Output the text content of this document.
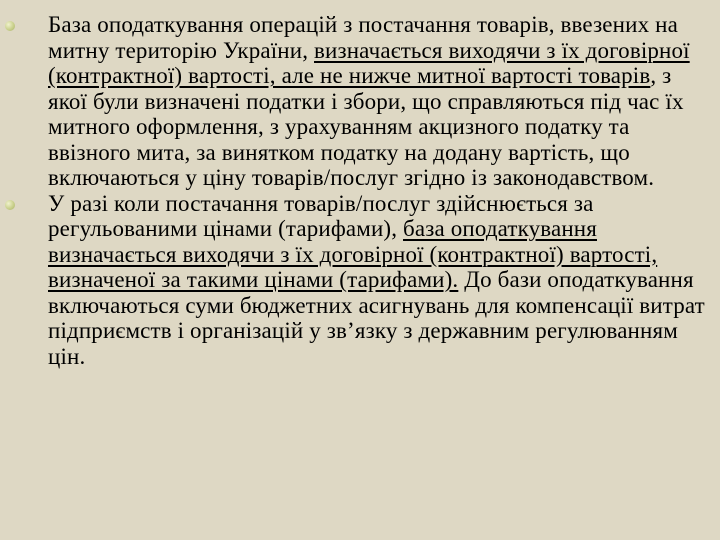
База оподаткування операцій з постачання товарів, ввезених на митну територію України, визначається виходячи з їх договірної (контрактної) вартості, але не нижче митної вартості товарів, з якої були визначені податки і збори, що справляються під час їх митного оформлення, з урахуванням акцизного податку та ввізного мита, за винятком податку на додану вартість, що включаються у ціну товарів/послуг згідно із законодавством.
У разі коли постачання товарів/послуг здійснюється за регульованими цінами (тарифами), база оподаткування визначається виходячи з їх договірної (контрактної) вартості, визначеної за такими цінами (тарифами). До бази оподаткування включаються суми бюджетних асигнувань для компенсації витрат підприємств і організацій у зв’язку з державним регулюванням цін.
